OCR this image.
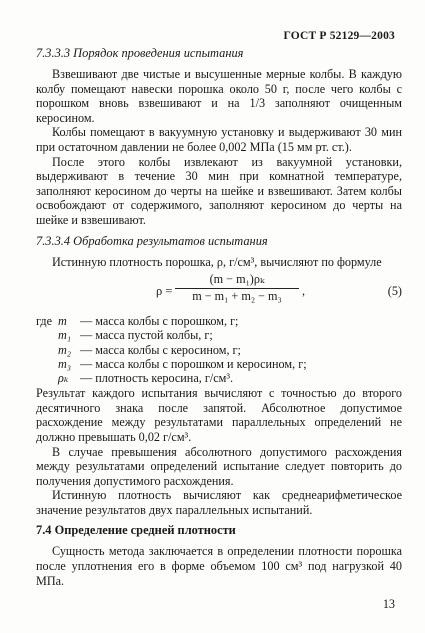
ГОСТ Р 52129—2003
7.3.3.3 Порядок проведения испытания

Взвешивают две чистые и высушенные мерные колбы. В каждую колбу помещают навески порошка около 50 г, после чего колбы с порошком вновь взвешивают и на 1/3 заполняют очищенным керосином.

Колбы помещают в вакуумную установку и выдерживают 30 мин при остаточном давлении не более 0,002 МПа (15 мм рт. ст.).

После этого колбы извлекают из вакуумной установки, выдерживают в течение 30 мин при комнатной температуре, заполняют керосином до черты на шейке и взвешивают. Затем колбы освобождают от содержимого, заполняют керосином до черты на шейке и взвешивают.

7.3.3.4 Обработка результатов испытания

Истинную плотность порошка, ρ, г/см³, вычисляют по формуле

ρ =
(m − m₁)ρₖ
m − m₁ + m₂ − m₃	,	(5)
где m	— масса колбы с порошком, г;
m₁ — масса пустой колбы, г;
m₂ — масса колбы с керосином, г;
m₃ — масса колбы с порошком и керосином, г;
ρₖ — плотность керосина, г/см³.

Результат каждого испытания вычисляют с точностью до второго десятичного знака после запятой. Абсолютное допустимое расхождение между результатами параллельных определений не должно превышать 0,02 г/см³.

В случае превышения абсолютного допустимого расхождения между результатами определений испытание следует повторить до получения допустимого расхождения.

Истинную плотность вычисляют как среднеарифметическое значение результатов двух параллельных испытаний.

7.4 Определение средней плотности

Сущность метода заключается в определении плотности порошка после уплотнения его в форме объемом 100 см³ под нагрузкой 40 МПа.

13
